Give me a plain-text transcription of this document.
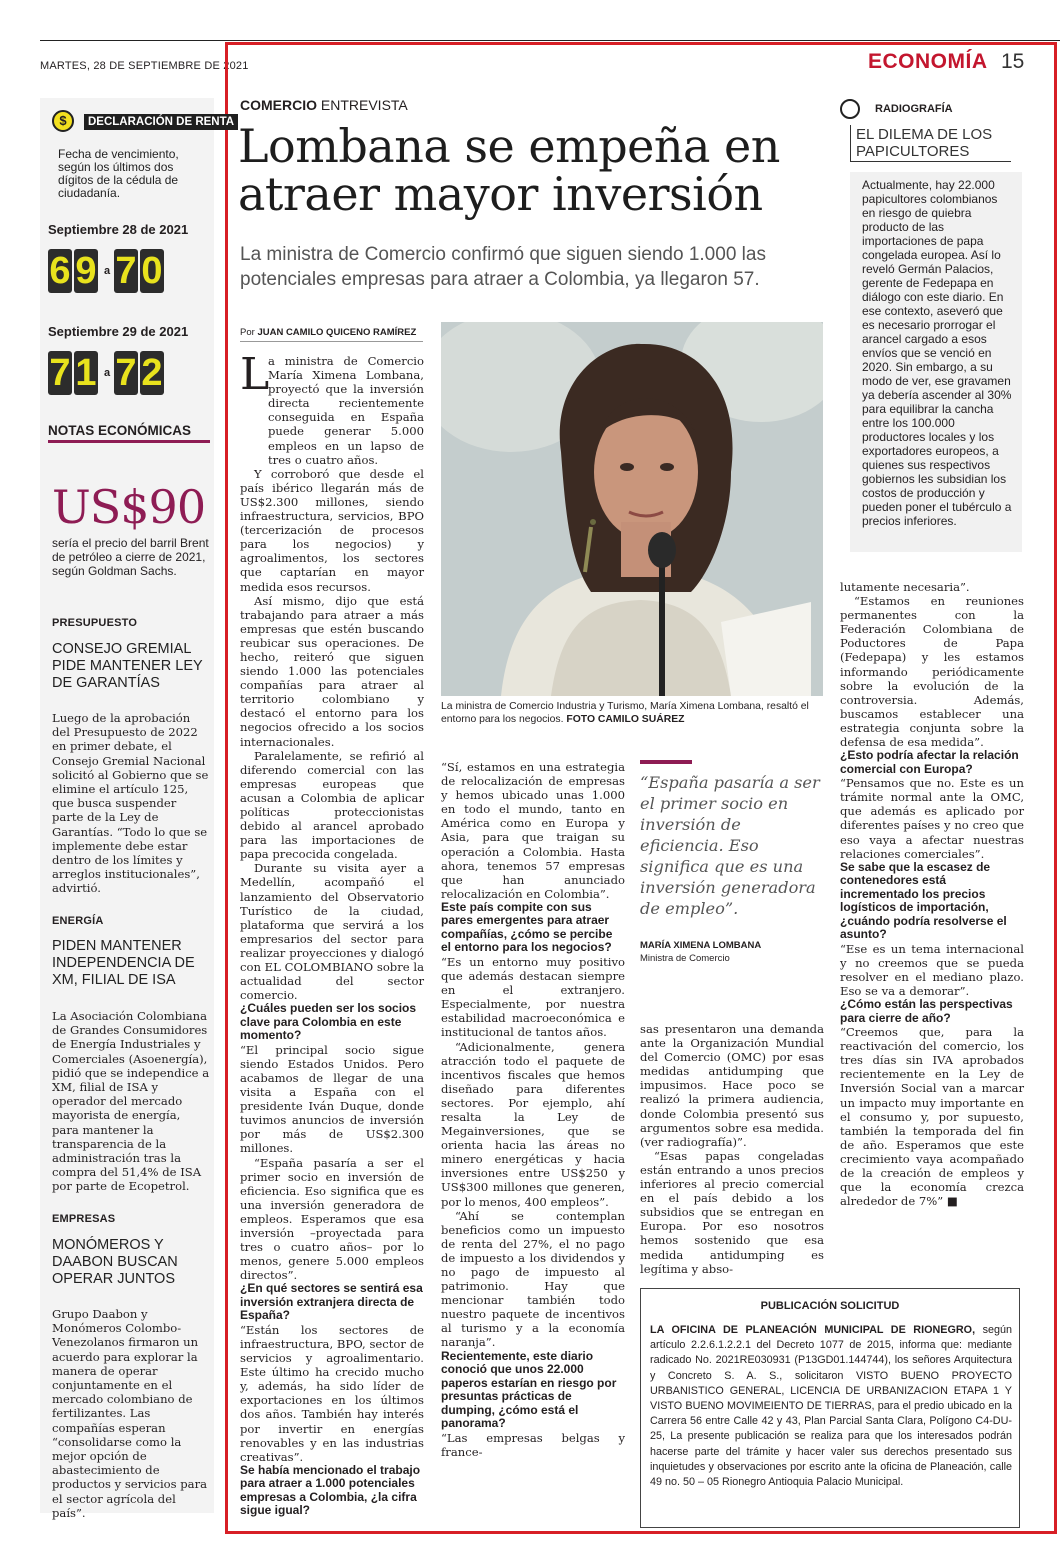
MARTES, 28 DE SEPTIEMBRE DE 2021	ECONOMÍA 15
$	DECLARACIÓN DE RENTA
Fecha de vencimiento, según los últimos dos dígitos de la cédula de ciudadanía.
Septiembre 28 de 2021
6 9 a 7 0
Septiembre 29 de 2021
7 1 a 7 2
NOTAS ECONÓMICAS
US$90
sería el precio del barril Brent de petróleo a cierre de 2021, según Goldman Sachs.
PRESUPUESTO
CONSEJO GREMIAL PIDE MANTENER LEY DE GARANTÍAS
Luego de la aprobación del Presupuesto de 2022 en primer debate, el Consejo Gremial Nacional solicitó al Gobierno que se elimine el artículo 125, que busca suspender parte de la Ley de Garantías. “Todo lo que se implemente debe estar dentro de los límites y arreglos institucionales”, advirtió.
ENERGÍA
PIDEN MANTENER INDEPENDENCIA DE XM, FILIAL DE ISA
La Asociación Colombiana de Grandes Consumidores de Energía Industriales y Comerciales (Asoenergía), pidió que se independice a XM, filial de ISA y operador del mercado mayorista de energía, para mantener la transparencia de la administración tras la compra del 51,4% de ISA por parte de Ecopetrol.
EMPRESAS
MONÓMEROS Y DAABON BUSCAN OPERAR JUNTOS
Grupo Daabon y Monómeros Colombo-Venezolanos firmaron un acuerdo para explorar la manera de operar conjuntamente en el mercado colombiano de fertilizantes. Las compañías esperan “consolidarse como la mejor opción de abastecimiento de productos y servicios para el sector agrícola del país”.
COMERCIO ENTREVISTA
Lombana se empeña en atraer mayor inversión
La ministra de Comercio confirmó que siguen siendo 1.000 las potenciales empresas para atraer a Colombia, ya llegaron 57.
Por JUAN CAMILO QUICENO RAMÍREZ
L

a ministra de Comercio María Ximena Lombana, proyectó que la inversión directa recientemente conseguida en España puede generar 5.000 empleos en un lapso de tres o cuatro años.

Y corroboró que desde el país ibérico llegarán más de US$2.300 millones, siendo infraestructura, servicios, BPO (tercerización de procesos para los negocios) y agroalimentos, los sectores que captarían en mayor medida esos recursos.

Así mismo, dijo que está trabajando para atraer a más empresas que estén buscando reubicar sus operaciones. De hecho, reiteró que siguen siendo 1.000 las potenciales compañías para atraer al territorio colombiano y destacó el entorno para los negocios ofrecido a los socios internacionales.

Paralelamente, se refirió al diferendo comercial con las empresas europeas que acusan a Colombia de aplicar políticas proteccionistas debido al arancel aprobado para las importaciones de papa precocida congelada.

Durante su visita ayer a Medellín, acompañó el lanzamiento del Observatorio Turístico de la ciudad, plataforma que servirá a los empresarios del sector para realizar proyecciones y dialogó con EL COLOMBIANO sobre la actualidad del sector comercio.

¿Cuáles pueden ser los socios clave para Colombia en este momento?

“El principal socio sigue siendo Estados Unidos. Pero acabamos de llegar de una visita a España con el presidente Iván Duque, donde tuvimos anuncios de inversión por más de US$2.300 millones.

“España pasaría a ser el primer socio en inversión de eficiencia. Eso significa que es una inversión generadora de empleos. Esperamos que esa inversión –proyectada para tres o cuatro años– por lo menos, genere 5.000 empleos directos”.

¿En qué sectores se sentirá esa inversión extranjera directa de España?

“Están los sectores de infraestructura, BPO, sector de servicios y agroalimentario. Este último ha crecido mucho y, además, ha sido líder de exportaciones en los últimos dos años. También hay interés por invertir en energías renovables y en las industrias creativas”.

Se había mencionado el trabajo para atraer a 1.000 potenciales empresas a Colombia, ¿la cifra sigue igual?

La ministra de Comercio Industria y Turismo, María Ximena Lombana, resaltó el entorno para los negocios. FOTO CAMILO SUÁREZ

“Sí, estamos en una estrategia de relocalización de empresas y hemos ubicado unas 1.000 en todo el mundo, tanto en América como en Europa y Asia, para que traigan su operación a Colombia. Hasta ahora, tenemos 57 empresas que han anunciado relocalización en Colombia”.

Este país compite con sus pares emergentes para atraer compañías, ¿cómo se percibe el entorno para los negocios?

“Es un entorno muy positivo que además destacan siempre en el extranjero. Especialmente, por nuestra estabilidad macroeconómica e institucional de tantos años.

“Adicionalmente, genera atracción todo el paquete de incentivos fiscales que hemos diseñado para diferentes sectores. Por ejemplo, ahí resalta la Ley de Megainversiones, que se orienta hacia las áreas no minero energéticas y hacia inversiones entre US$250 y US$300 millones que generen, por lo menos, 400 empleos”.

“Ahí se contemplan beneficios como un impuesto de renta del 27%, el no pago de impuesto a los dividendos y no pago de impuesto al patrimonio. Hay que mencionar también todo nuestro paquete de incentivos al turismo y a la economía naranja”.

Recientemente, este diario conoció que unos 22.000 paperos estarían en riesgo por presuntas prácticas de dumping, ¿cómo está el panorama?

“Las empresas belgas y france-

“España pasaría a ser el primer socio en inversión de eficiencia. Eso significa que es una inversión generadora de empleo”.
MARÍA XIMENA LOMBANA
Ministra de Comercio

sas presentaron una demanda ante la Organización Mundial del Comercio (OMC) por esas medidas antidumping que impusimos. Hace poco se realizó la primera audiencia, donde Colombia presentó sus argumentos sobre esa medida. (ver radiografía)”.

“Esas papas congeladas están entrando a unos precios inferiores al precio comercial en el país debido a los subsidios que se entregan en Europa. Por eso nosotros hemos sostenido que esa medida antidumping es legítima y abso-

RADIOGRAFÍA
EL DILEMA DE LOS PAPICULTORES
Actualmente, hay 22.000 papicultores colombianos en riesgo de quiebra producto de las importaciones de papa congelada europea. Así lo reveló Germán Palacios, gerente de Fedepapa en diálogo con este diario. En ese contexto, aseveró que es necesario prorrogar el arancel cargado a esos envíos que se venció en 2020. Sin embargo, a su modo de ver, ese gravamen ya debería ascender al 30% para equilibrar la cancha entre los 100.000 productores locales y los exportadores europeos, a quienes sus respectivos gobiernos les subsidian los costos de producción y pueden poner el tubérculo a precios inferiores.

lutamente necesaria”.

“Estamos en reuniones permanentes con la Federación Colombiana de Poductores de Papa (Fedepapa) y les estamos informando periódicamente sobre la evolución de la controversia. Además, buscamos establecer una estrategia conjunta sobre la defensa de esa medida”.

¿Esto podría afectar la relación comercial con Europa?

“Pensamos que no. Este es un trámite normal ante la OMC, que además es aplicado por diferentes países y no creo que eso vaya a afectar nuestras relaciones comerciales”.

Se sabe que la escasez de contenedores está incrementado los precios logísticos de importación, ¿cuándo podría resolverse el asunto?

“Ese es un tema internacional y no creemos que se pueda resolver en el mediano plazo. Eso se va a demorar”.

¿Cómo están las perspectivas para cierre de año?

“Creemos que, para la reactivación del comercio, los tres días sin IVA aprobados recientemente en la Ley de Inversión Social van a marcar un impacto muy importante en el consumo y, por supuesto, también la temporada del fin de año. Esperamos que este crecimiento vaya acompañado de la creación de empleos y que la economía crezca alrededor de 7%” ■

PUBLICACIÓN SOLICITUD
LA OFICINA DE PLANEACIÓN MUNICIPAL DE RIONEGRO, según artículo 2.2.6.1.2.2.1 del Decreto 1077 de 2015, informa que: mediante radicado No. 2021RE030931 (P13GD01.144744), los señores Arquitectura y Concreto S. A. S., solicitaron VISTO BUENO PROYECTO URBANISTICO GENERAL, LICENCIA DE URBANIZACION ETAPA 1 Y VISTO BUENO MOVIMEIENTO DE TIERRAS, para el predio ubicado en la Carrera 56 entre Calle 42 y 43, Plan Parcial Santa Clara, Polígono C4-DU-25, La presente publicación se realiza para que los interesados podrán hacerse parte del trámite y hacer valer sus derechos presentado sus inquietudes y observaciones por escrito ante la oficina de Planeación, calle 49 no. 50 – 05 Rionegro Antioquia Palacio Municipal.
